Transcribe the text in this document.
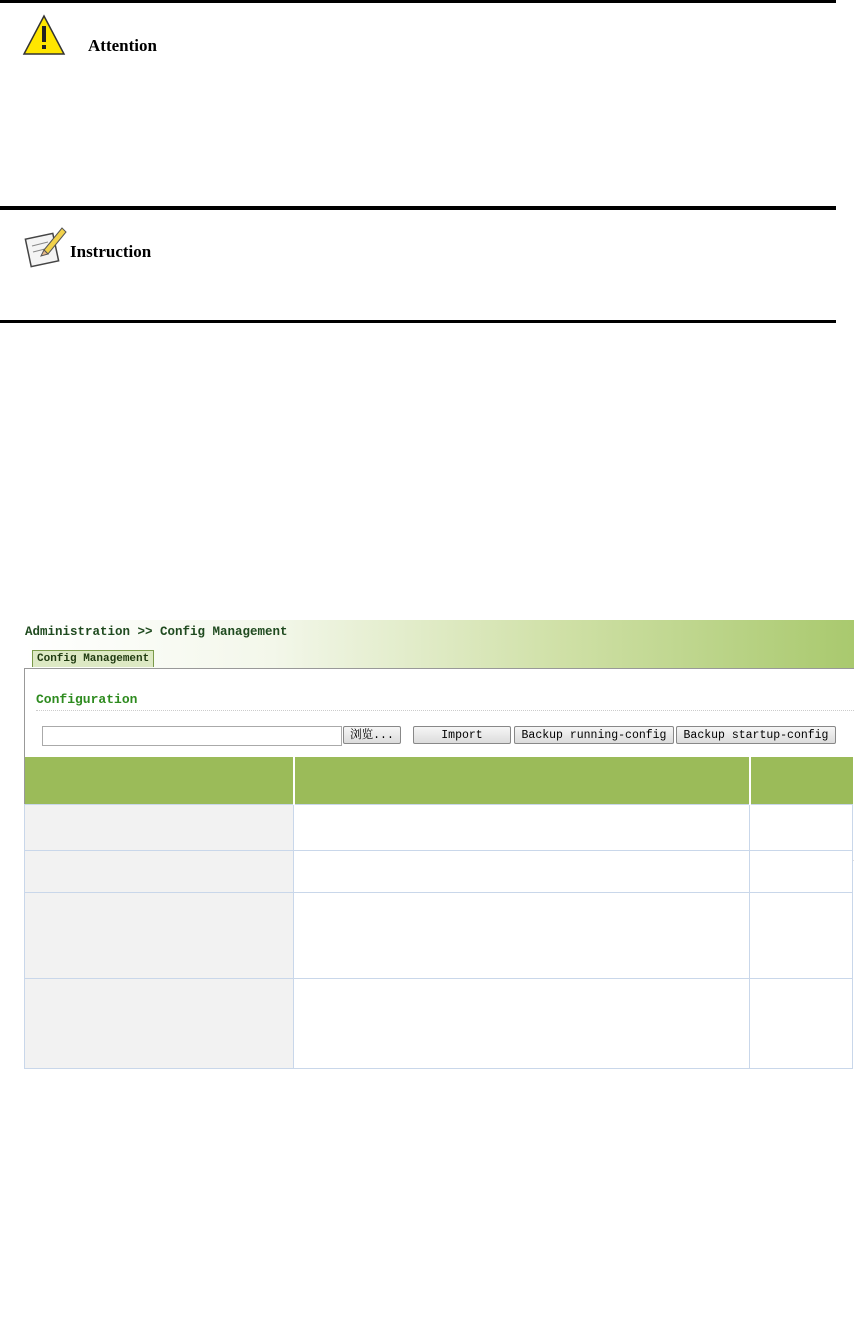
Attention
Instruction
Administration >> Config Management
Config Management
Configuration
浏览...	Import	Backup running-config	Backup startup-config
